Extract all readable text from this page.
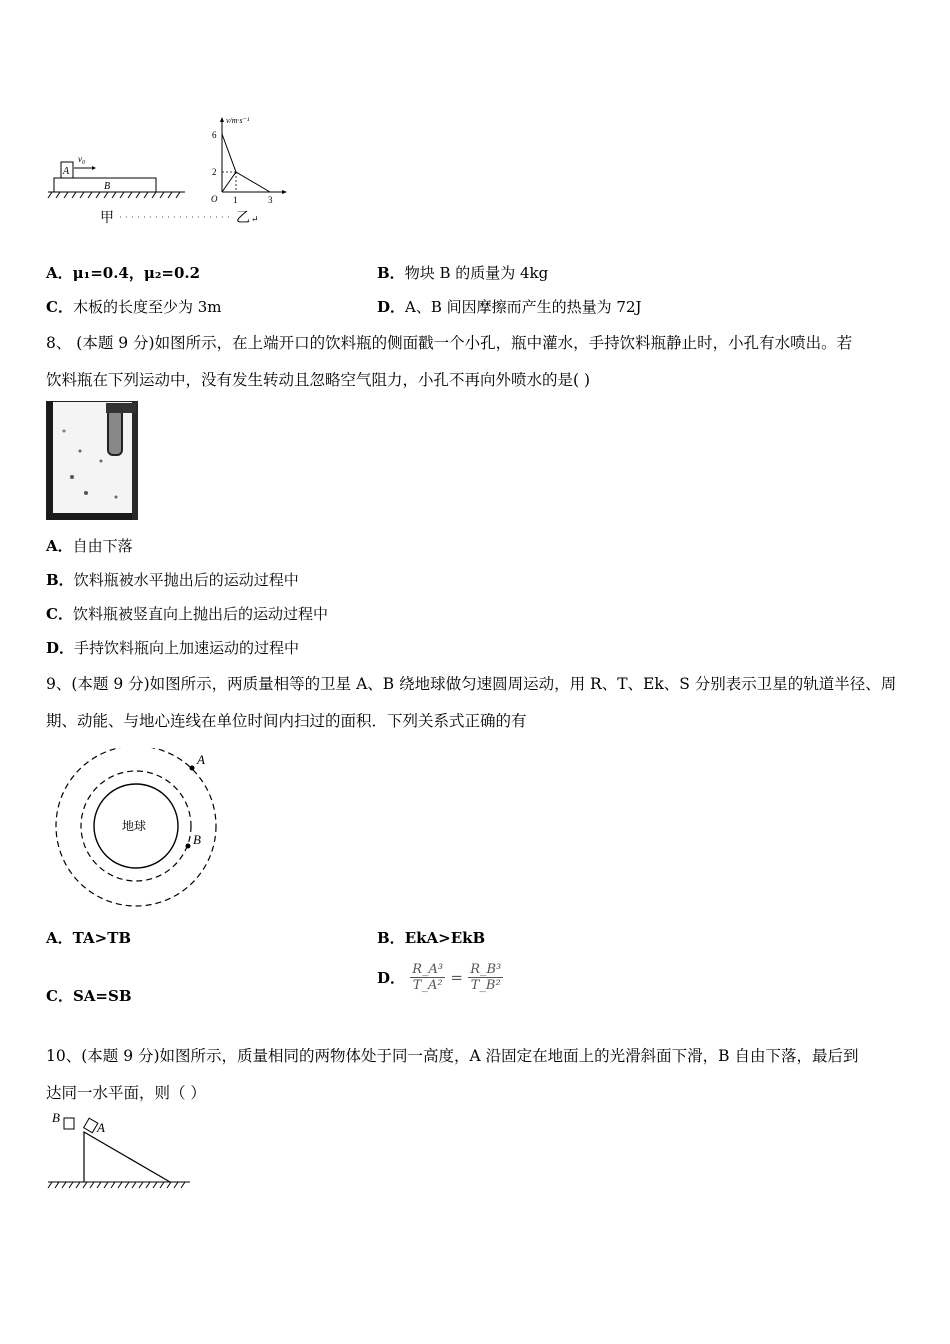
B
A
$v_0$
v/m·s⁻¹
6
2
O 1	3
甲	乙 ↵
A．μ₁=0.4，μ₂=0.2	B．物块 B 的质量为 4kg
C．木板的长度至少为 3m	D．A、B 间因摩擦而产生的热量为 72J
8、 (本题 9 分)如图所示，在上端开口的饮料瓶的侧面戳一个小孔，瓶中灌水，手持饮料瓶静止时，小孔有水喷出。若
饮料瓶在下列运动中，没有发生转动且忽略空气阻力，小孔不再向外喷水的是( )
A．自由下落
B．饮料瓶被水平抛出后的运动过程中
C．饮料瓶被竖直向上抛出后的运动过程中
D．手持饮料瓶向上加速运动的过程中
9、(本题 9 分)如图所示，两质量相等的卫星 A、B 绕地球做匀速圆周运动，用 R、T、Ek、S 分别表示卫星的轨道半径、周
期、动能、与地心连线在单位时间内扫过的面积．下列关系式正确的有
地球
A
B
A．TA>TB	B．EkA>EkB
C．SA=SB
D． $\frac{\text{R\_A³}}{\text{T\_A²}} = \frac{\text{R\_B³}}{\text{T\_B²}}$
10、(本题 9 分)如图所示，质量相同的两物体处于同一高度，A 沿固定在地面上的光滑斜面下滑，B 自由下落，最后到
达同一水平面，则（ ）
B
A
